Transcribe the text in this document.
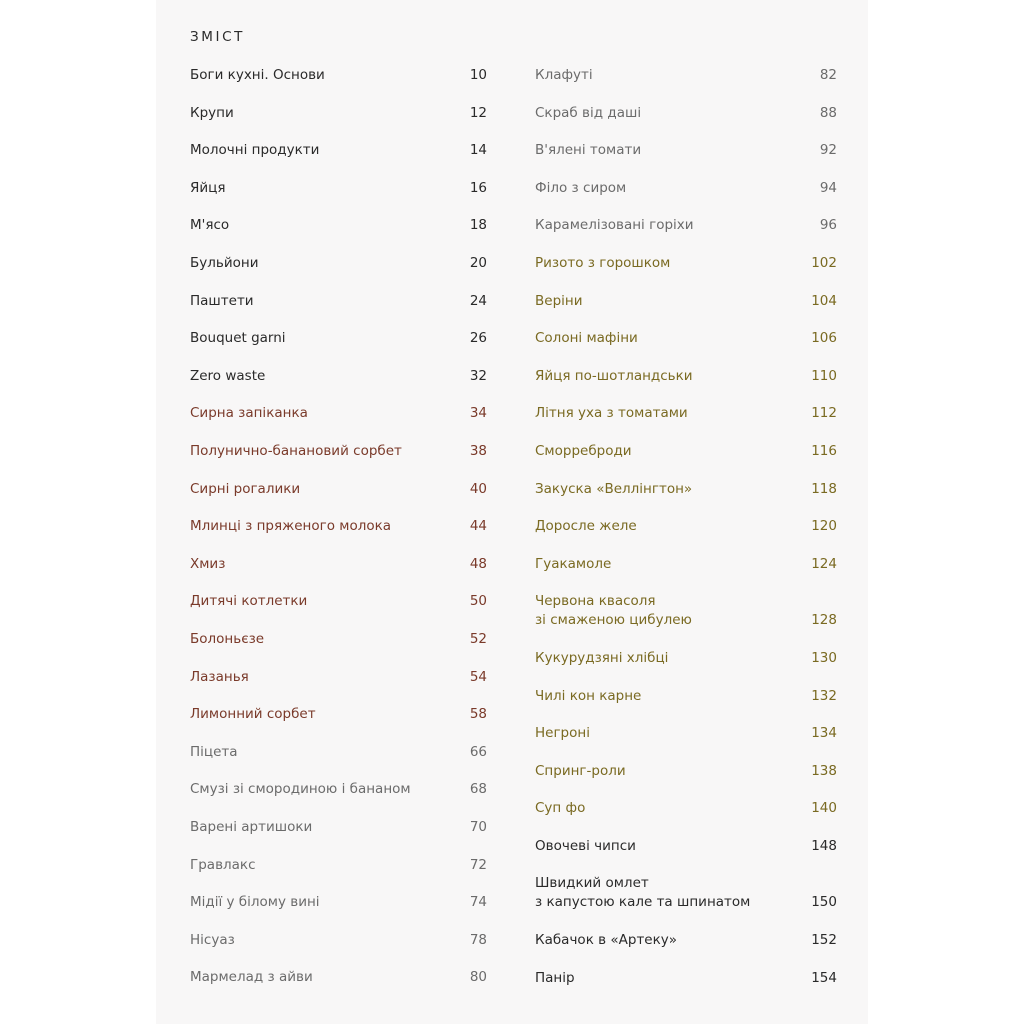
ЗМІСТ
Боги кухні. Основи	10
Крупи	12
Молочні продукти	14
Яйця	16
М'ясо	18
Бульйони	20
Паштети	24
Bouquet garni	26
Zero waste	32
Сирна запіканка	34
Полунично-банановий сорбет	38
Сирні рогалики	40
Млинці з пряженого молока	44
Хмиз	48
Дитячі котлетки	50
Болоньєзе	52
Лазанья	54
Лимонний сорбет	58
Піцета	66
Смузі зі смородиною і бананом	68
Варені артишоки	70
Гравлакс	72
Мідії у білому вині	74
Нісуаз	78
Мармелад з айви	80
Клафуті	82
Скраб від даші	88
В'ялені томати	92
Філо з сиром	94
Карамелізовані горіхи	96
Ризото з горошком	102
Веріни	104
Солоні мафіни	106
Яйця по-шотландськи	110
Літня уха з томатами	112
Сморреброди	116
Закуска «Веллінгтон»	118
Доросле желе	120
Гуакамоле	124
Червона квасоля
зі смаженою цибулею	128
Кукурудзяні хлібці	130
Чилі кон карне	132
Негроні	134
Спринг-роли	138
Суп фо	140
Овочеві чипси	148
Швидкий омлет
з капустою кале та шпинатом	150
Кабачок в «Артеку»	152
Панір	154
